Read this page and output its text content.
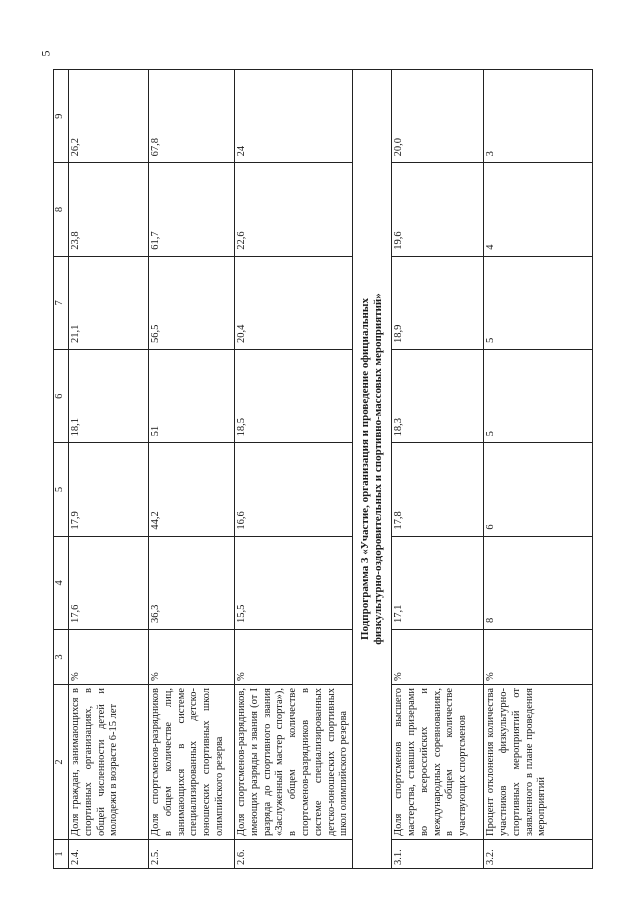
5
1	2	3	4	5	6	7	8	9
2.4.	Доля граждан, занимающихся в спортивных организациях, в общей численности детей и молодежи в возрасте 6-15 лет	%	17,6	17,9	18,1	21,1	23,8	26,2
2.5.	Доля спортсменов-разрядников в общем количестве лиц, занимающихся в системе специализированных детско-юношеских спортивных школ олимпийского резерва	%	36,3	44,2	51	56,5	61,7	67,8
2.6.	Доля спортсменов-разрядников, имеющих разряды и звания (от I разряда до спортивного звания «Заслуженный мастер спорта»), в общем количестве спортсменов-разрядников в системе специализированных детско-юношеских спортивных школ олимпийского резерва	%	15,5	16,6	18,5	20,4	22,6	24

Подпрограмма 3 «Участие, организация и проведение официальных физкультурно-оздоровительных и спортивно-массовых мероприятий»								

3.1.	Доля спортсменов высшего мастерства, ставших призерами во всероссийских и международных соревнованиях, в общем количестве участвующих спортсменов	%	17,1	17,8	18,3	18,9	19,6	20,0
3.2.	Процент отклонения количества участников физкультурно-спортивных мероприятий от заявленного в плане проведения мероприятий	%	8	6	5	5	4	3
